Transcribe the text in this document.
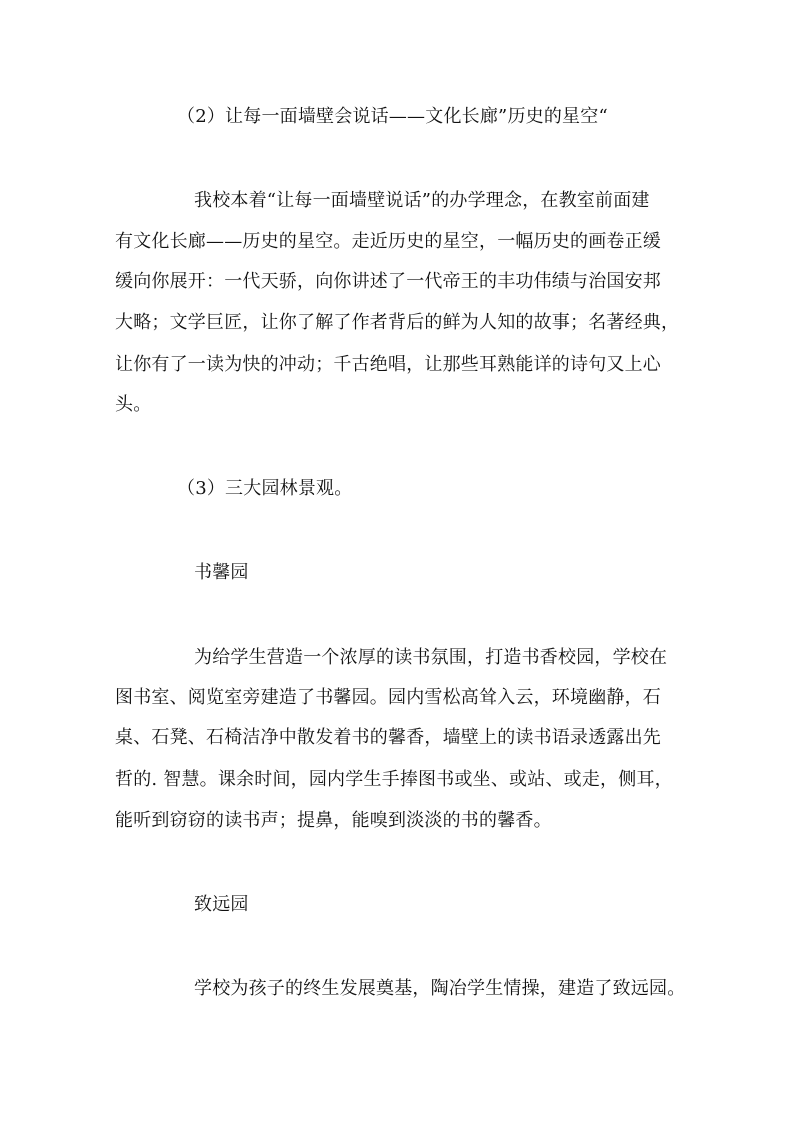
（2）让每一面墙壁会说话——文化长廊”历史的星空“
我校本着“让每一面墙壁说话”的办学理念，在教室前面建
有文化长廊——历史的星空。走近历史的星空，一幅历史的画卷正缓
缓向你展开：一代天骄，向你讲述了一代帝王的丰功伟绩与治国安邦
大略；文学巨匠，让你了解了作者背后的鲜为人知的故事；名著经典，
让你有了一读为快的冲动；千古绝唱，让那些耳熟能详的诗句又上心
头。
（3）三大园林景观。
书馨园
为给学生营造一个浓厚的读书氛围，打造书香校园，学校在
图书室、阅览室旁建造了书馨园。园内雪松高耸入云，环境幽静，石
桌、石凳、石椅洁净中散发着书的馨香，墙壁上的读书语录透露出先
哲的. 智慧。课余时间，园内学生手捧图书或坐、或站、或走，侧耳，
能听到窃窃的读书声；提鼻，能嗅到淡淡的书的馨香。
致远园
学校为孩子的终生发展奠基，陶冶学生情操，建造了致远园。
